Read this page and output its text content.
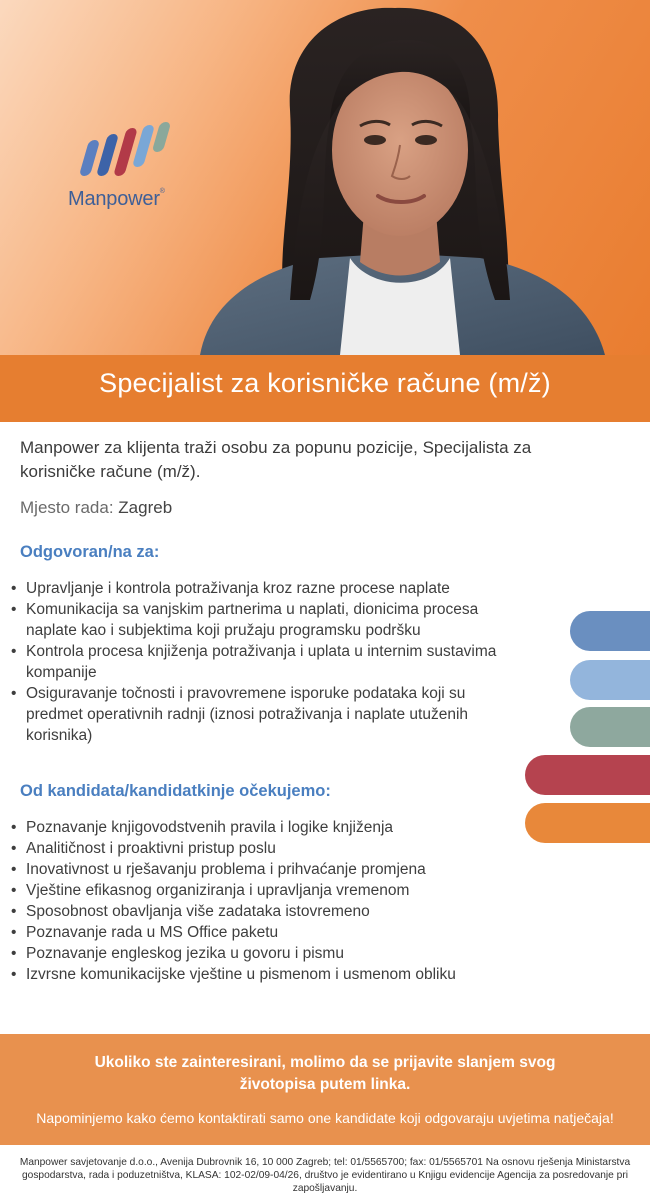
Manpower®
Specijalist za korisničke račune (m/ž)

Manpower za klijenta traži osobu za popunu pozicije, Specijalista za korisničke račune (m/ž).

Mjesto rada: Zagreb

Odgovoran/na za:
• Upravljanje i kontrola potraživanja kroz razne procese naplate
• Komunikacija sa vanjskim partnerima u naplati, dionicima procesa naplate kao i subjektima koji pružaju programsku podršku
• Kontrola procesa knjiženja potraživanja i uplata u internim sustavima kompanije
• Osiguravanje točnosti i pravovremene isporuke podataka koji su predmet operativnih radnji (iznosi potraživanja i naplate utuženih korisnika)
Od kandidata/kandidatkinje očekujemo:
• Poznavanje knjigovodstvenih pravila i logike knjiženja
• Analitičnost i proaktivni pristup poslu
• Inovativnost u rješavanju problema i prihvaćanje promjena
• Vještine efikasnog organiziranja i upravljanja vremenom
• Sposobnost obavljanja više zadataka istovremeno
• Poznavanje rada u MS Office paketu
• Poznavanje engleskog jezika u govoru i pismu
• Izvrsne komunikacijske vještine u pismenom i usmenom obliku
Ukoliko ste zainteresirani, molimo da se prijavite slanjem svog životopisa putem linka.
Napominjemo kako ćemo kontaktirati samo one kandidate koji odgovaraju uvjetima natječaja!
Manpower savjetovanje d.o.o., Avenija Dubrovnik 16, 10 000 Zagreb; tel: 01/5565700; fax: 01/5565701 Na osnovu rješenja Ministarstva gospodarstva, rada i poduzetništva, KLASA: 102-02/09-04/26, društvo je evidentirano u Knjigu evidencije Agencija za posredovanje pri zapošljavanju.
